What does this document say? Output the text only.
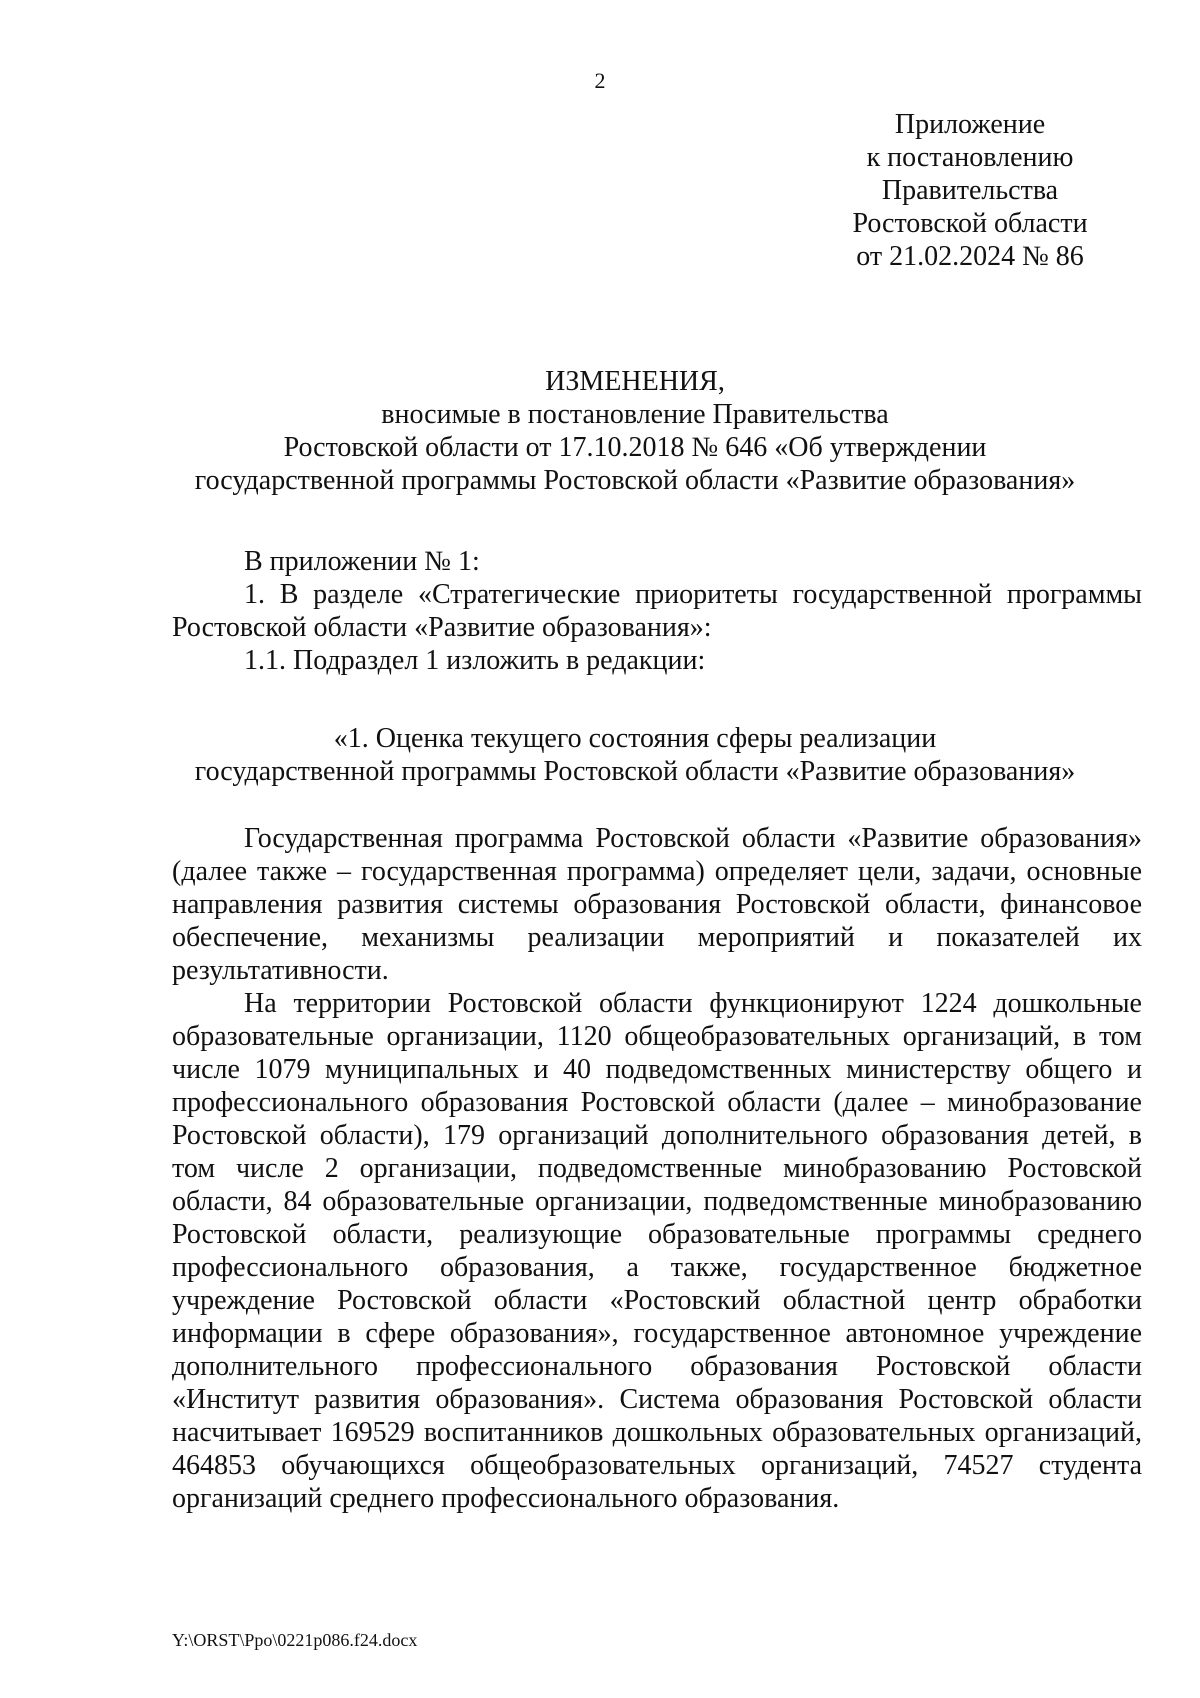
2
Приложение
к постановлению
Правительства
Ростовской области
от 21.02.2024 № 86
ИЗМЕНЕНИЯ,
вносимые в постановление Правительства
Ростовской области от 17.10.2018 № 646 «Об утверждении
государственной программы Ростовской области «Развитие образования»

В приложении № 1:

1. В разделе «Стратегические приоритеты государственной программы Ростовской области «Развитие образования»:

1.1. Подраздел 1 изложить в редакции:

«1. Оценка текущего состояния сферы реализации
государственной программы Ростовской области «Развитие образования»

Государственная программа Ростовской области «Развитие образования» (далее также – государственная программа) определяет цели, задачи, основные направления развития системы образования Ростовской области, финансовое обеспечение, механизмы реализации мероприятий и показателей их результативности.

На территории Ростовской области функционируют 1224 дошкольные образовательные организации, 1120 общеобразовательных организаций, в том числе 1079 муниципальных и 40 подведомственных министерству общего и профессионального образования Ростовской области (далее – минобразование Ростовской области), 179 организаций дополнительного образования детей, в том числе 2 организации, подведомственные минобразованию Ростовской области, 84 образовательные организации, подведомственные минобразованию Ростовской области, реализующие образовательные программы среднего профессионального образования, а также, государственное бюджетное учреждение Ростовской области «Ростовский областной центр обработки информации в сфере образования», государственное автономное учреждение дополнительного профессионального образования Ростовской области «Институт развития образования». Система образования Ростовской области насчитывает 169529 воспитанников дошкольных образовательных организаций, 464853 обучающихся общеобразовательных организаций, 74527 студента организаций среднего профессионального образования.

Y:\ORST\Ppo\0221p086.f24.docx
